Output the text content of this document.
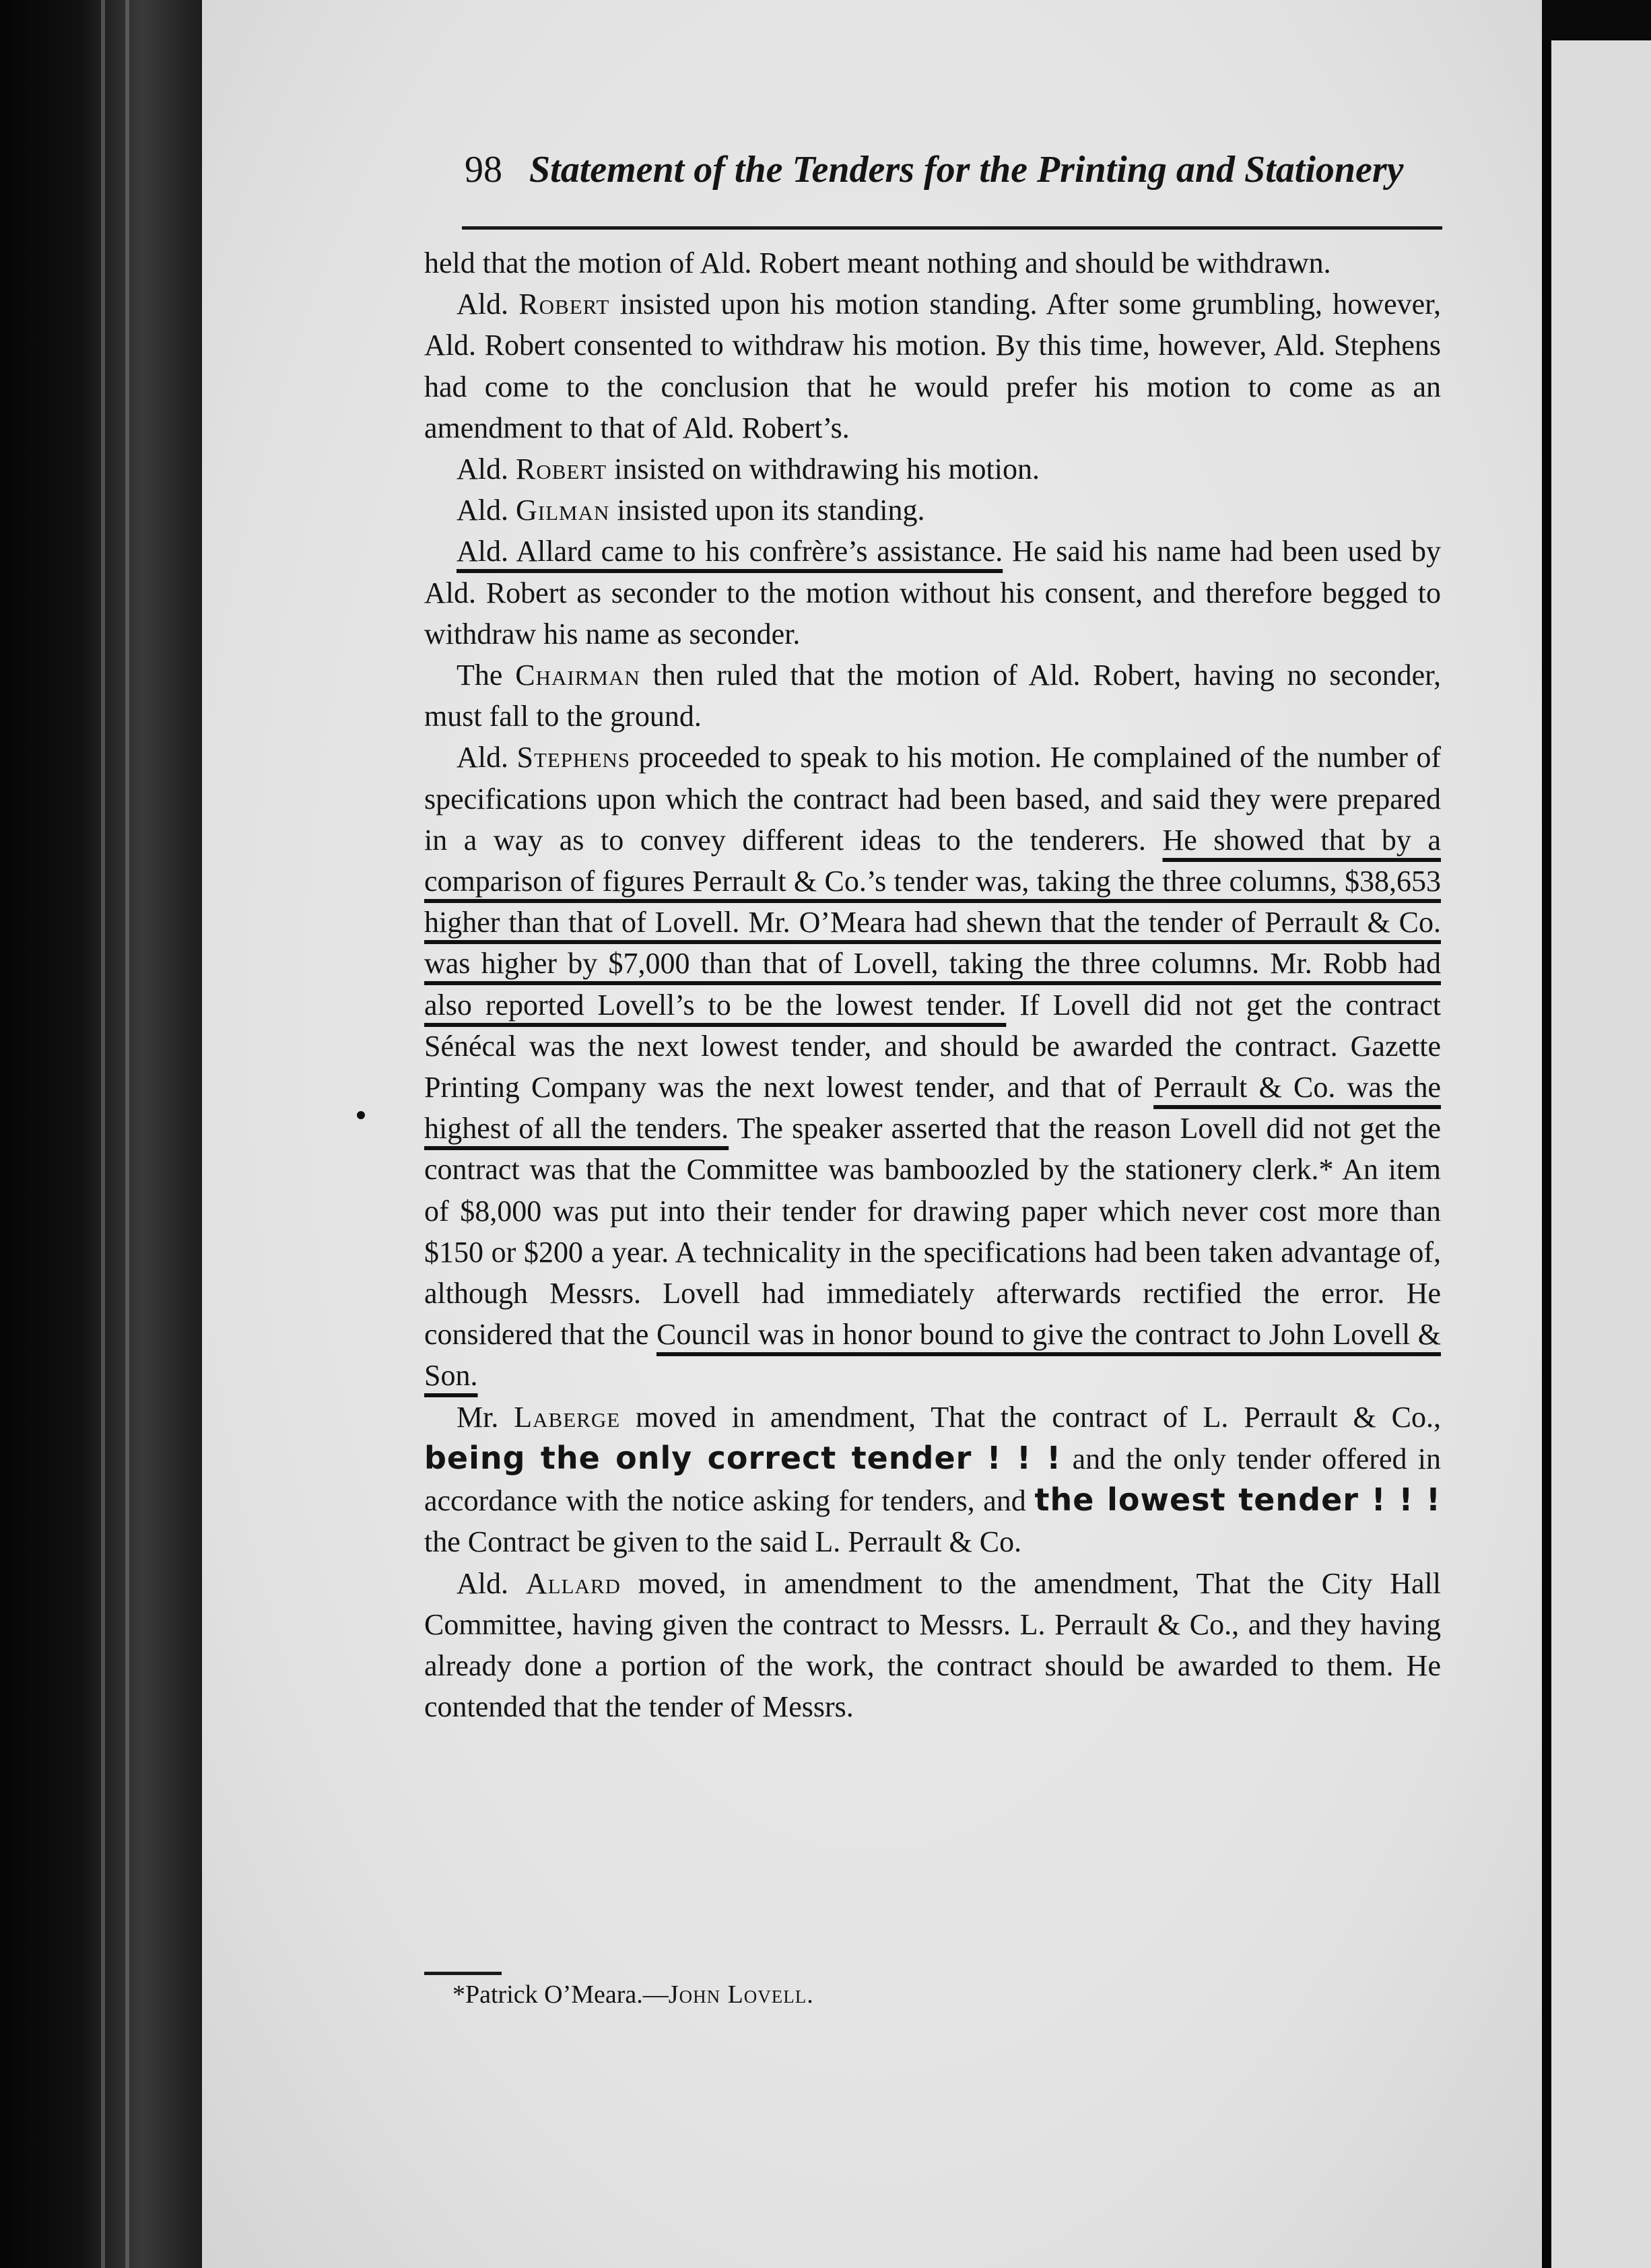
98 Statement of the Tenders for the Printing and Stationery

held that the motion of Ald. Robert meant nothing and should be withdrawn.

Ald. Robert insisted upon his motion standing. After some grumbling, however, Ald. Robert consented to withdraw his motion. By this time, however, Ald. Stephens had come to the conclusion that he would prefer his motion to come as an amendment to that of Ald. Robert’s.

Ald. Robert insisted on withdrawing his motion.

Ald. Gilman insisted upon its standing.

Ald. Allard came to his confrère’s assistance. He said his name had been used by Ald. Robert as seconder to the motion without his consent, and therefore begged to withdraw his name as seconder.

The Chairman then ruled that the motion of Ald. Robert, having no seconder, must fall to the ground.

Ald. Stephens proceeded to speak to his motion. He complained of the number of specifications upon which the contract had been based, and said they were prepared in a way as to convey different ideas to the tenderers. He showed that by a comparison of figures Perrault & Co.’s tender was, taking the three columns, $38,653 higher than that of Lovell. Mr. O’Meara had shewn that the tender of Perrault & Co. was higher by $7,000 than that of Lovell, taking the three columns. Mr. Robb had also reported Lovell’s to be the lowest tender. If Lovell did not get the contract Sénécal was the next lowest tender, and should be awarded the contract. Gazette Printing Company was the next lowest tender, and that of Perrault & Co. was the highest of all the tenders. The speaker asserted that the reason Lovell did not get the contract was that the Committee was bamboozled by the stationery clerk.* An item of $8,000 was put into their tender for drawing paper which never cost more than $150 or $200 a year. A technicality in the specifications had been taken advantage of, although Messrs. Lovell had immediately afterwards rectified the error. He considered that the Council was in honor bound to give the contract to John Lovell & Son.

Mr. Laberge moved in amendment, That the contract of L. Perrault & Co., being the only correct tender ! ! ! and the only tender offered in accordance with the notice asking for tenders, and the lowest tender ! ! ! the Contract be given to the said L. Perrault & Co.

Ald. Allard moved, in amendment to the amendment, That the City Hall Committee, having given the contract to Messrs. L. Perrault & Co., and they having already done a portion of the work, the contract should be awarded to them. He contended that the tender of Messrs.

*Patrick O’Meara.—John Lovell.
